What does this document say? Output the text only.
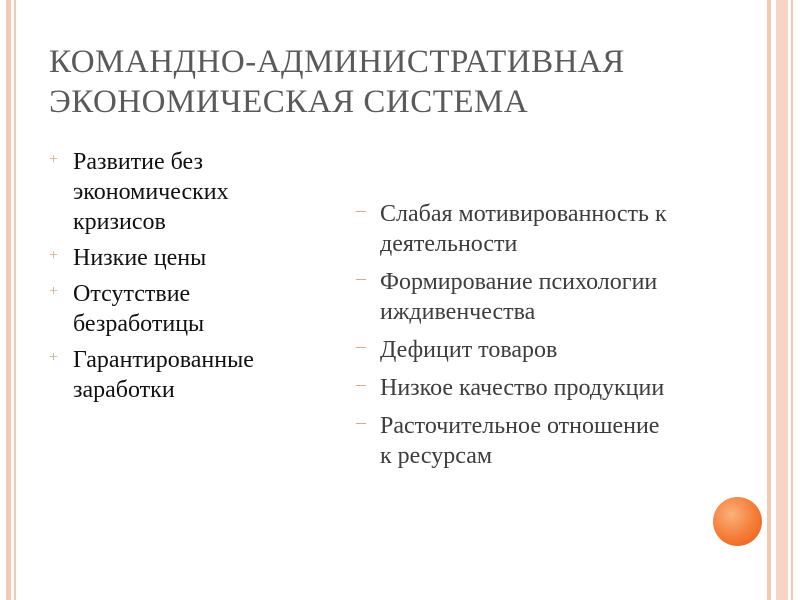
КОМАНДНО-АДМИНИСТРАТИВНАЯ
ЭКОНОМИЧЕСКАЯ СИСТЕМА
+ Развитие без
экономических
кризисов
+ Низкие цены
+ Отсутствие
безработицы
+ Гарантированные
заработки
– Слабая мотивированность к
деятельности
– Формирование психологии
иждивенчества
– Дефицит товаров
– Низкое качество продукции
– Расточительное отношение
к ресурсам
